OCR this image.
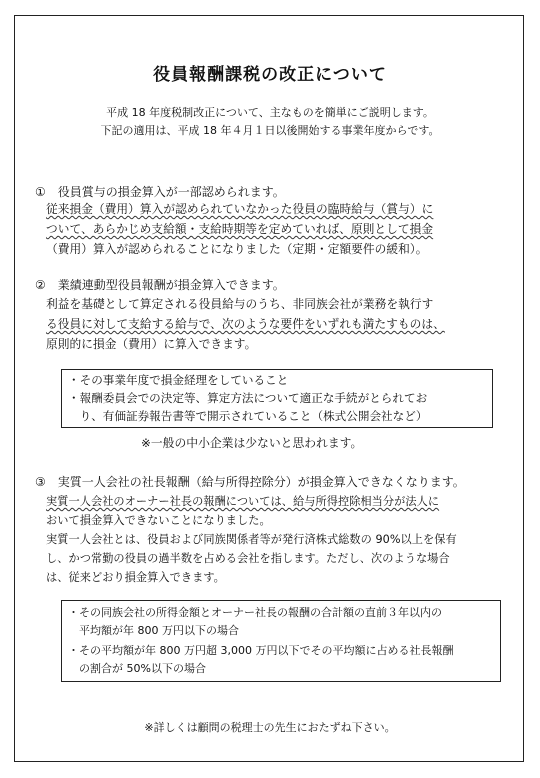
役員報酬課税の改正について
平成 18 年度税制改正について、主なものを簡単にご説明します。
下記の適用は、平成 18 年４月１日以後開始する事業年度からです。
①　役員賞与の損金算入が一部認められます。
従来損金（費用）算入が認められていなかった役員の臨時給与（賞与）に
ついて、あらかじめ支給額・支給時期等を定めていれば、原則として損金
（費用）算入が認められることになりました（定期・定額要件の緩和）。
②　業績連動型役員報酬が損金算入できます。
利益を基礎として算定される役員給与のうち、非同族会社が業務を執行す
る役員に対して支給する給与で、次のような要件をいずれも満たすものは、
原則的に損金（費用）に算入できます。
・その事業年度で損金経理をしていること
・報酬委員会での決定等、算定方法について適正な手続がとられてお
　り、有価証券報告書等で開示されていること（株式公開会社など）
※一般の中小企業は少ないと思われます。
③　実質一人会社の社長報酬（給与所得控除分）が損金算入できなくなります。
実質一人会社のオーナー社長の報酬については、給与所得控除相当分が法人に
おいて損金算入できないことになりました。
実質一人会社とは、役員および同族関係者等が発行済株式総数の 90%以上を保有
し、かつ常勤の役員の過半数を占める会社を指します。ただし、次のような場合
は、従来どおり損金算入できます。
・その同族会社の所得金額とオーナー社長の報酬の合計額の直前３年以内の
　平均額が年 800 万円以下の場合
・その平均額が年 800 万円超 3,000 万円以下でその平均額に占める社長報酬
　の割合が 50%以下の場合
※詳しくは顧問の税理士の先生におたずね下さい。
